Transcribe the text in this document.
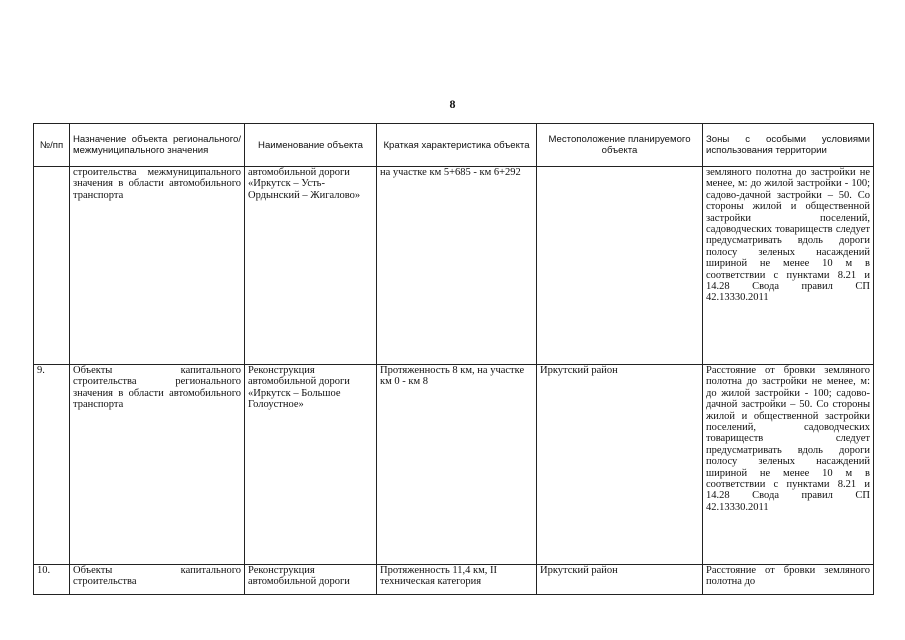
8
№/пп	Назначение объекта регионального/ межмуниципального значения	Наименование объекта	Краткая характеристика объекта	Местоположение планируемого объекта	Зоны с особыми условиями использования территории
	строительства межмуниципального значения в области автомобильного транспорта	автомобильной дороги «Иркутск – Усть-Ордынский – Жигалово»	на участке км 5+685 - км 6+292		земляного полотна до застройки не менее, м: до жилой застройки - 100; садово-дачной застройки – 50. Со стороны жилой и общественной застройки поселений, садоводческих товариществ следует предусматривать вдоль дороги полосу зеленых насаждений шириной не менее 10 м в соответствии с пунктами 8.21 и 14.28 Свода правил СП 42.13330.2011
9.	Объекты капитального строительства регионального значения в области автомобильного транспорта	Реконструкция автомобильной дороги «Иркутск – Большое Голоустное»	Протяженность 8 км, на участке км 0 - км 8	Иркутский район	Расстояние от бровки земляного полотна до застройки не менее, м: до жилой застройки - 100; садово-дачной застройки – 50. Со стороны жилой и общественной застройки поселений, садоводческих товариществ следует предусматривать вдоль дороги полосу зеленых насаждений шириной не менее 10 м в соответствии с пунктами 8.21 и 14.28 Свода правил СП 42.13330.2011
10.	Объекты капитального строительства	Реконструкция автомобильной дороги	Протяженность 11,4 км, II техническая категория	Иркутский район	Расстояние от бровки земляного полотна до
